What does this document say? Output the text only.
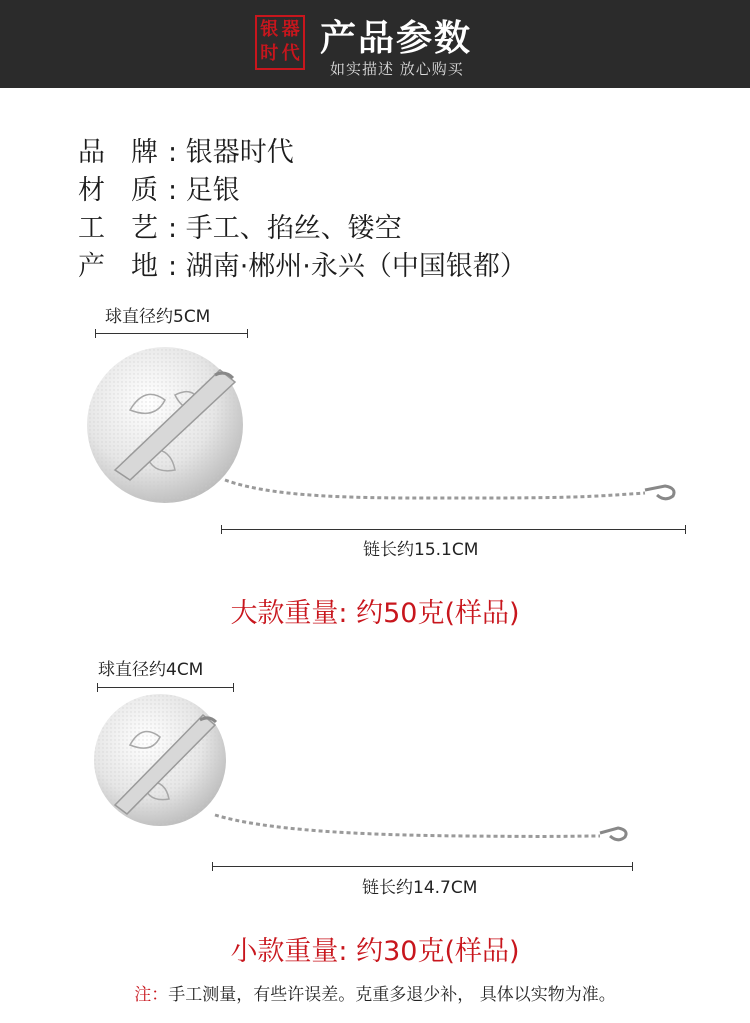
银 器
时 代 产品参数
如实描述 放心购买
品 牌 : 银器时代
材 质 : 足银
工 艺 : 手工、掐丝、镂空
产 地 : 湖南·郴州·永兴（中国银都）
球直径约5CM
链长约15.1CM
大款重量: 约50克(样品)
球直径约4CM
链长约14.7CM
小款重量: 约30克(样品)
注：手工测量，有些许误差。克重多退少补， 具体以实物为准。
